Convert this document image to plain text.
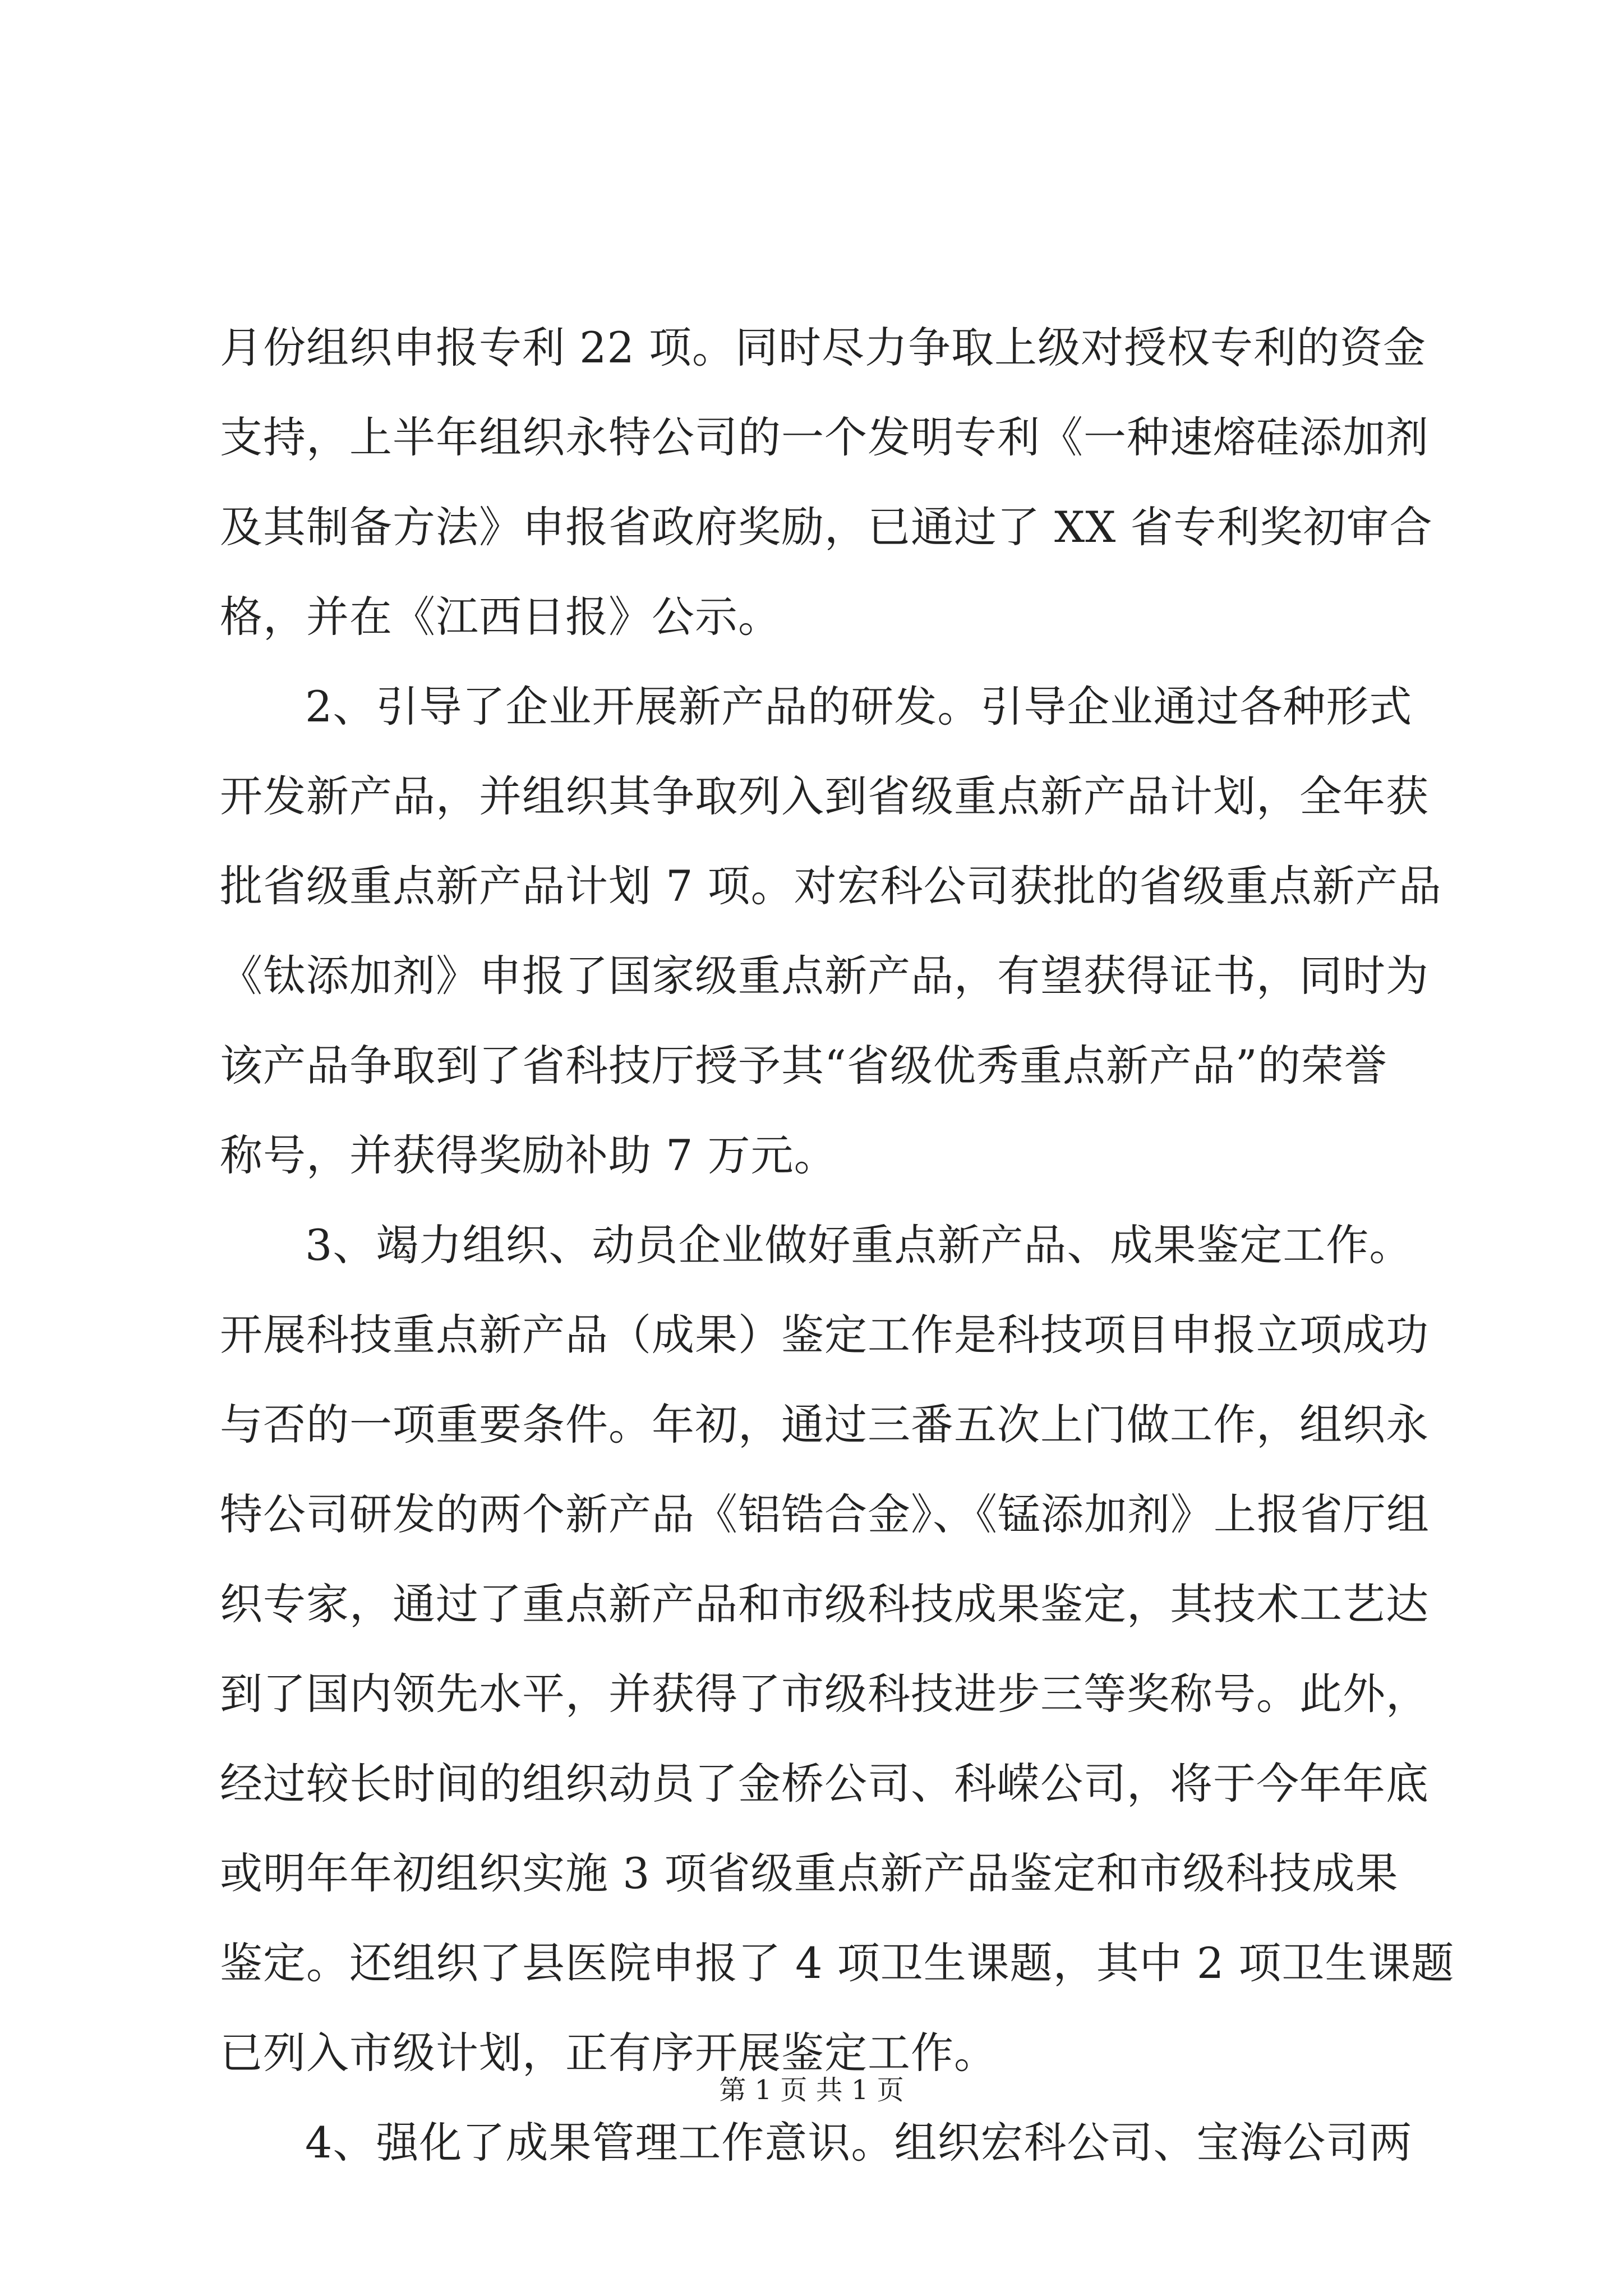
月份组织申报专利 22 项。同时尽力争取上级对授权专利的资金
支持，上半年组织永特公司的一个发明专利《一种速熔硅添加剂
及其制备方法》申报省政府奖励，已通过了 XX 省专利奖初审合
格，并在《江西日报》公示。
2、引导了企业开展新产品的研发。引导企业通过各种形式
开发新产品，并组织其争取列入到省级重点新产品计划，全年获
批省级重点新产品计划 7 项。对宏科公司获批的省级重点新产品
《钛添加剂》申报了国家级重点新产品，有望获得证书，同时为
该产品争取到了省科技厅授予其“省级优秀重点新产品”的荣誉
称号，并获得奖励补助 7 万元。
3、竭力组织、动员企业做好重点新产品、成果鉴定工作。
开展科技重点新产品（成果）鉴定工作是科技项目申报立项成功
与否的一项重要条件。年初，通过三番五次上门做工作，组织永
特公司研发的两个新产品《铝锆合金》、《锰添加剂》上报省厅组
织专家，通过了重点新产品和市级科技成果鉴定，其技术工艺达
到了国内领先水平，并获得了市级科技进步三等奖称号。此外，
经过较长时间的组织动员了金桥公司、科嵘公司，将于今年年底
或明年年初组织实施 3 项省级重点新产品鉴定和市级科技成果
鉴定。还组织了县医院申报了 4 项卫生课题，其中 2 项卫生课题
已列入市级计划，正有序开展鉴定工作。
4、强化了成果管理工作意识。组织宏科公司、宝海公司两
第 1 页 共 1 页
